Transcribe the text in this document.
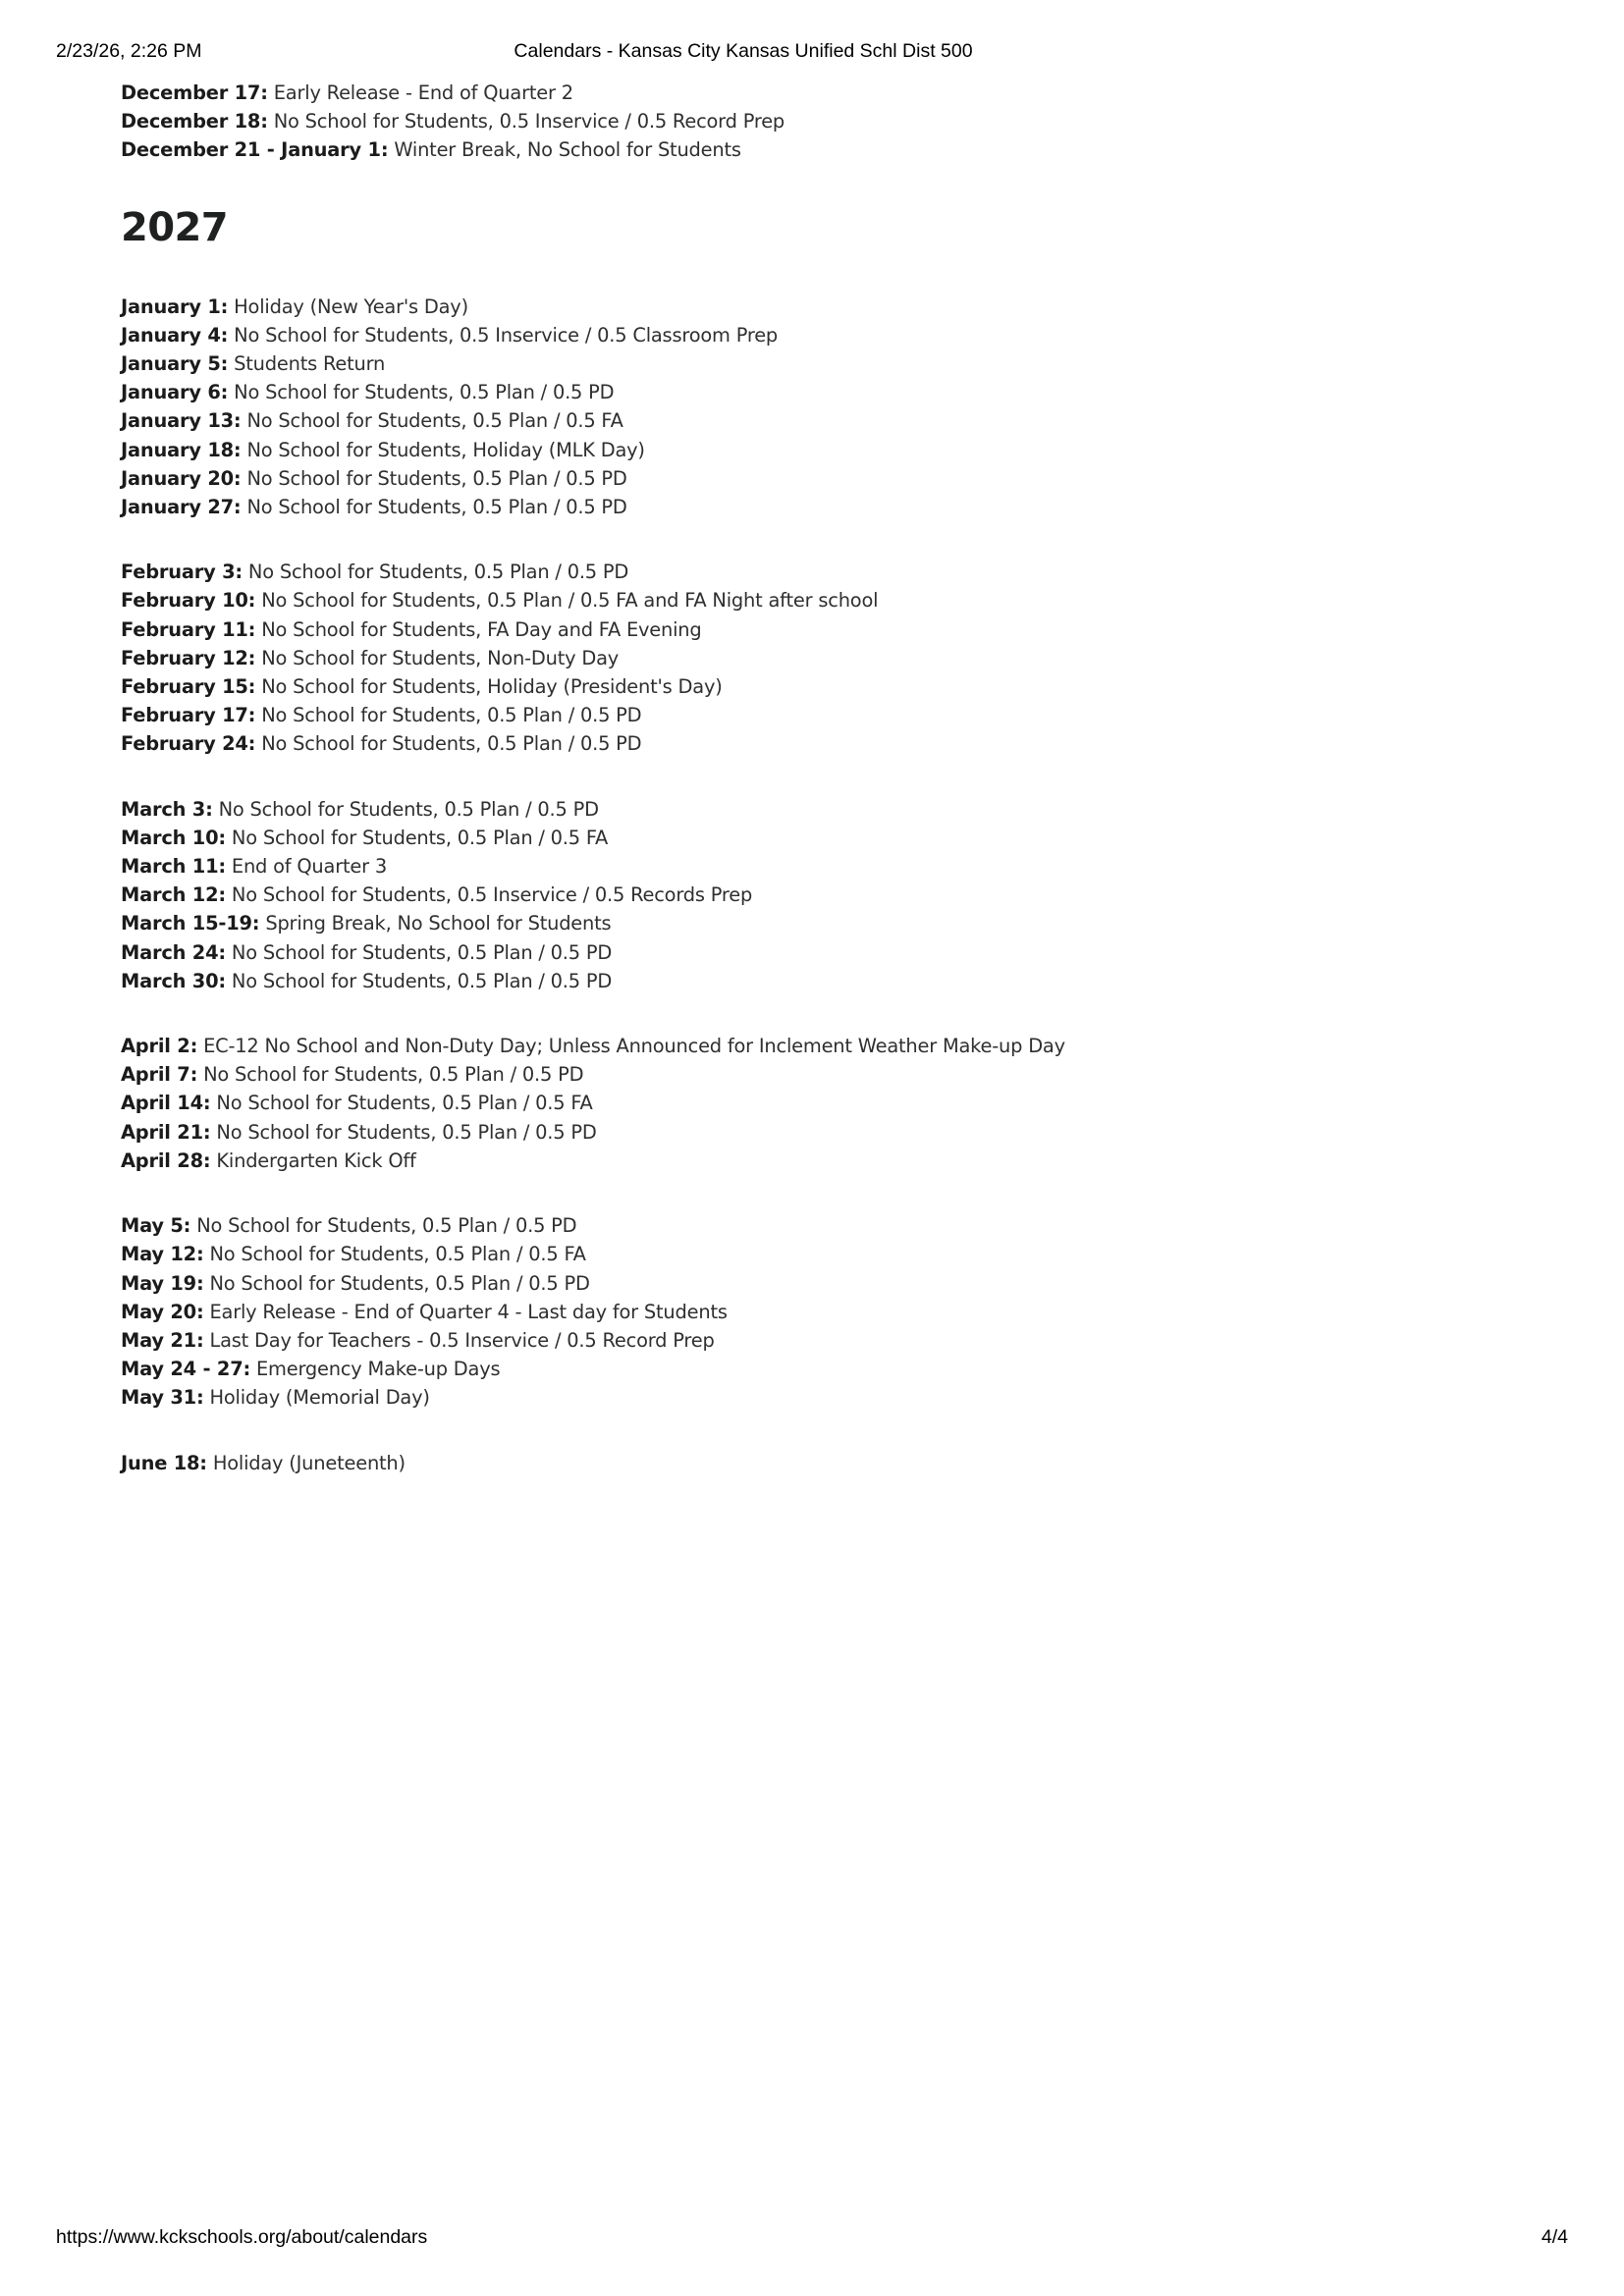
2/23/26, 2:26 PM	Calendars - Kansas City Kansas Unified Schl Dist 500
December 17: Early Release - End of Quarter 2
December 18: No School for Students, 0.5 Inservice / 0.5 Record Prep
December 21 - January 1: Winter Break, No School for Students
2027
January 1: Holiday (New Year's Day)
January 4: No School for Students, 0.5 Inservice / 0.5 Classroom Prep
January 5: Students Return
January 6: No School for Students, 0.5 Plan / 0.5 PD
January 13: No School for Students, 0.5 Plan / 0.5 FA
January 18: No School for Students, Holiday (MLK Day)
January 20: No School for Students, 0.5 Plan / 0.5 PD
January 27: No School for Students, 0.5 Plan / 0.5 PD
February 3: No School for Students, 0.5 Plan / 0.5 PD
February 10: No School for Students, 0.5 Plan / 0.5 FA and FA Night after school
February 11: No School for Students, FA Day and FA Evening
February 12: No School for Students, Non-Duty Day
February 15: No School for Students, Holiday (President's Day)
February 17: No School for Students, 0.5 Plan / 0.5 PD
February 24: No School for Students, 0.5 Plan / 0.5 PD
March 3: No School for Students, 0.5 Plan / 0.5 PD
March 10: No School for Students, 0.5 Plan / 0.5 FA
March 11: End of Quarter 3
March 12: No School for Students, 0.5 Inservice / 0.5 Records Prep
March 15-19: Spring Break, No School for Students
March 24: No School for Students, 0.5 Plan / 0.5 PD
March 30: No School for Students, 0.5 Plan / 0.5 PD
April 2: EC-12 No School and Non-Duty Day; Unless Announced for Inclement Weather Make-up Day
April 7: No School for Students, 0.5 Plan / 0.5 PD
April 14: No School for Students, 0.5 Plan / 0.5 FA
April 21: No School for Students, 0.5 Plan / 0.5 PD
April 28: Kindergarten Kick Off
May 5: No School for Students, 0.5 Plan / 0.5 PD
May 12: No School for Students, 0.5 Plan / 0.5 FA
May 19: No School for Students, 0.5 Plan / 0.5 PD
May 20: Early Release - End of Quarter 4 - Last day for Students
May 21: Last Day for Teachers - 0.5 Inservice / 0.5 Record Prep
May 24 - 27: Emergency Make-up Days
May 31: Holiday (Memorial Day)
June 18: Holiday (Juneteenth)
https://www.kckschools.org/about/calendars	4/4
